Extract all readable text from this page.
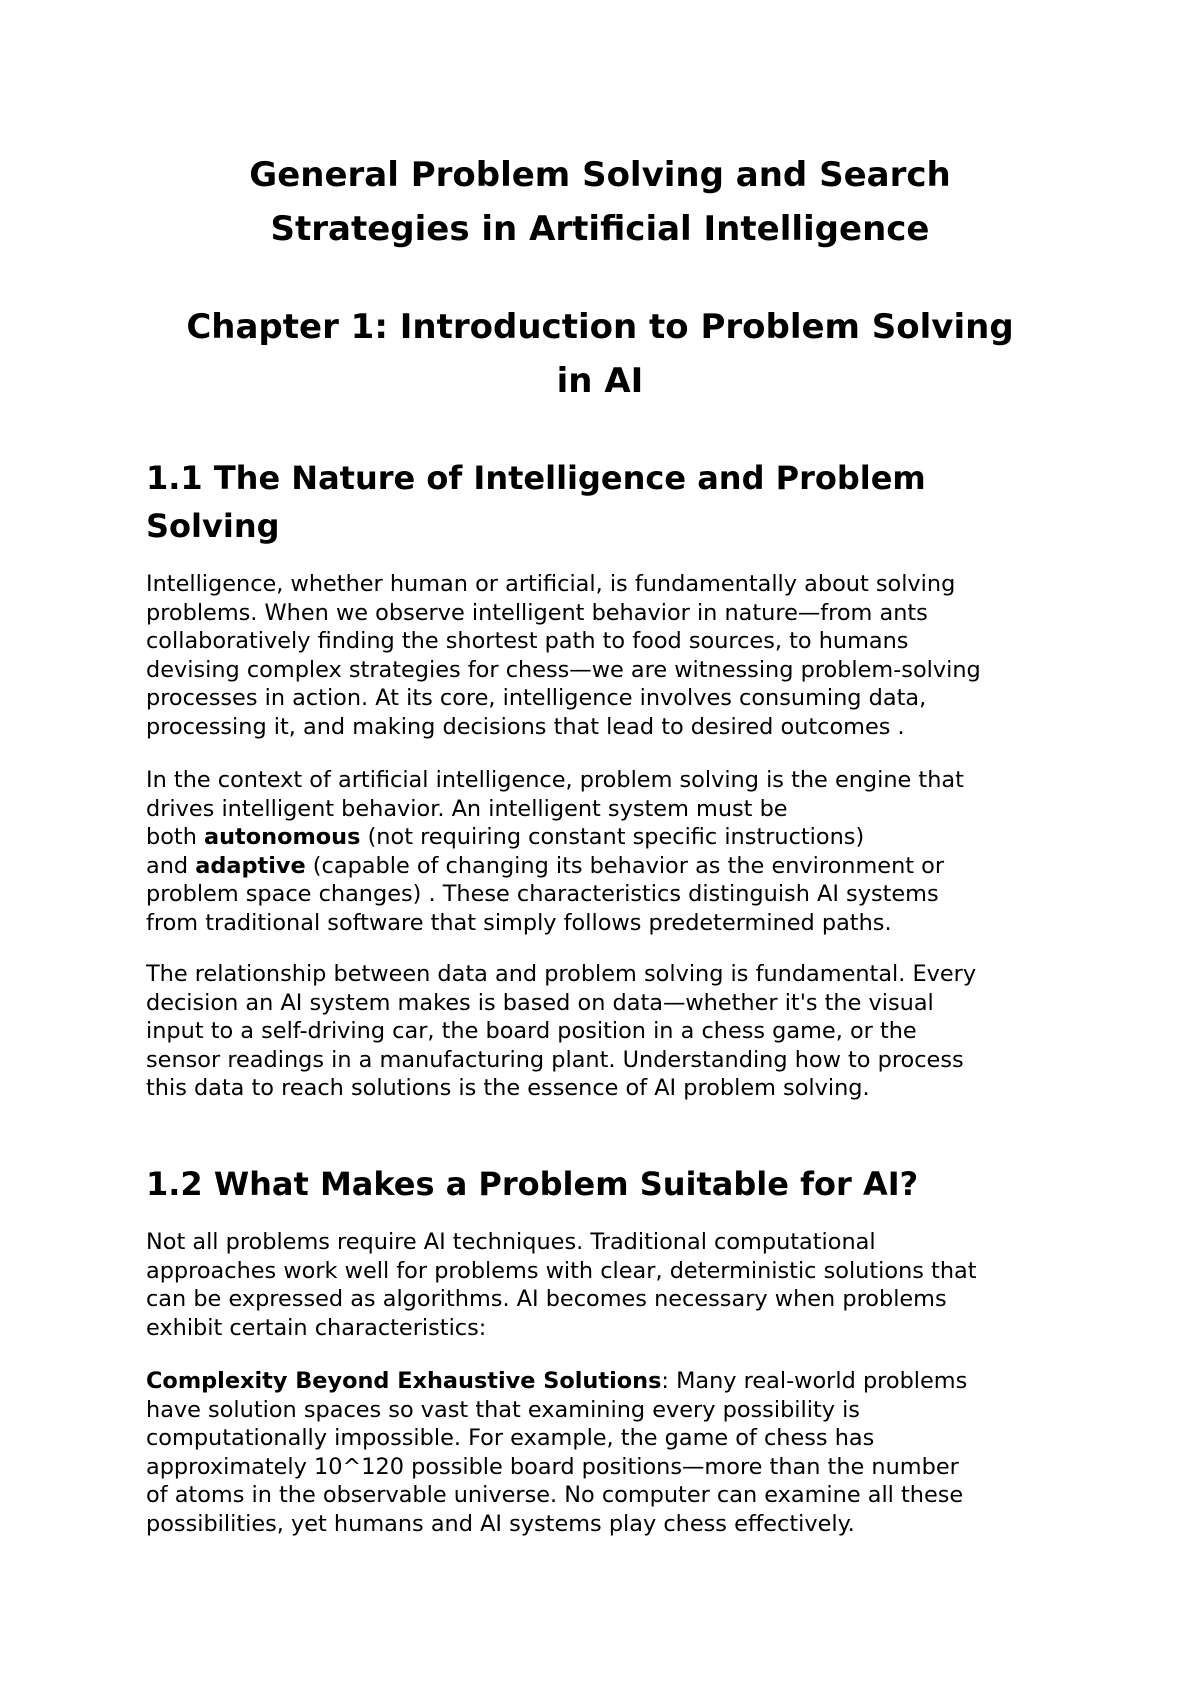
General Problem Solving and Search
Strategies in Artificial Intelligence
Chapter 1: Introduction to Problem Solving
in AI
1.1 The Nature of Intelligence and Problem
Solving

Intelligence, whether human or artificial, is fundamentally about solving
problems. When we observe intelligent behavior in nature—from ants
collaboratively finding the shortest path to food sources, to humans
devising complex strategies for chess—we are witnessing problem-solving
processes in action. At its core, intelligence involves consuming data,
processing it, and making decisions that lead to desired outcomes .

In the context of artificial intelligence, problem solving is the engine that
drives intelligent behavior. An intelligent system must be
both autonomous (not requiring constant specific instructions)
and adaptive (capable of changing its behavior as the environment or
problem space changes) . These characteristics distinguish AI systems
from traditional software that simply follows predetermined paths.

The relationship between data and problem solving is fundamental. Every
decision an AI system makes is based on data—whether it's the visual
input to a self-driving car, the board position in a chess game, or the
sensor readings in a manufacturing plant. Understanding how to process
this data to reach solutions is the essence of AI problem solving.

1.2 What Makes a Problem Suitable for AI?

Not all problems require AI techniques. Traditional computational
approaches work well for problems with clear, deterministic solutions that
can be expressed as algorithms. AI becomes necessary when problems
exhibit certain characteristics:

Complexity Beyond Exhaustive Solutions: Many real-world problems
have solution spaces so vast that examining every possibility is
computationally impossible. For example, the game of chess has
approximately 10^120 possible board positions—more than the number
of atoms in the observable universe. No computer can examine all these
possibilities, yet humans and AI systems play chess effectively.
